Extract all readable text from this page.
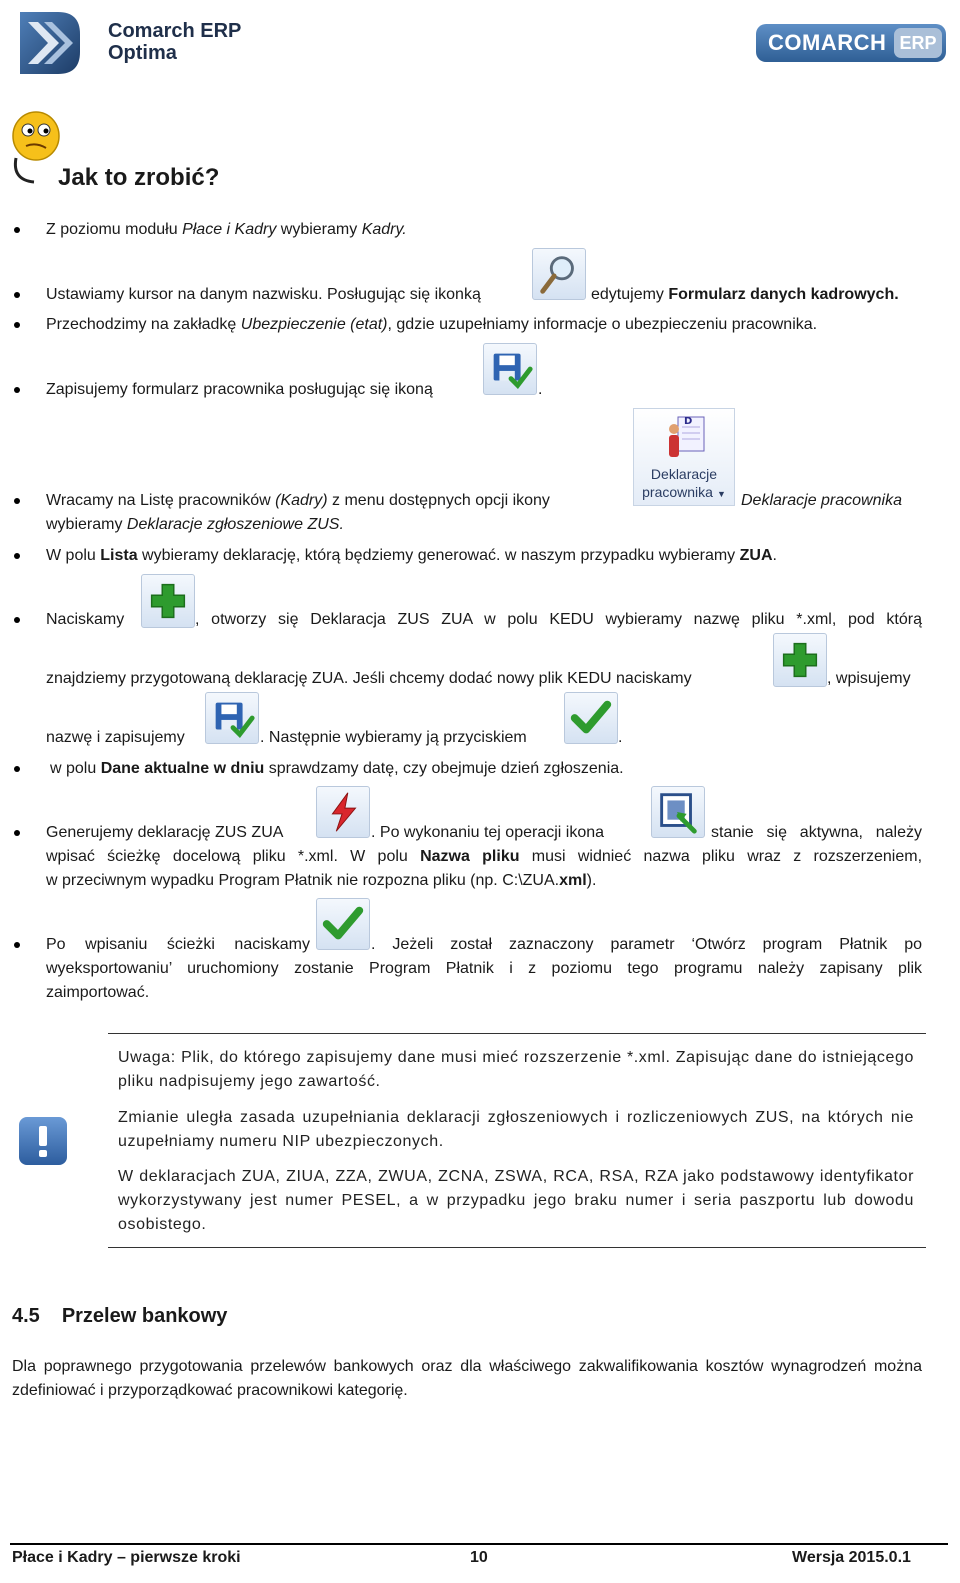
Comarch ERP
Optima	COMARCH ERP
Jak to zrobić?
Z poziomu modułu Płace i Kadry wybieramy Kadry.
Ustawiamy kursor na danym nazwisku. Posługując się ikonką	edytujemy Formularz danych kadrowych.
Przechodzimy na zakładkę Ubezpieczenie (etat), gdzie uzupełniamy informacje o ubezpieczeniu pracownika.
Zapisujemy formularz pracownika posługując się ikoną	.
Wracamy na Listę pracowników (Kadry) z menu dostępnych opcji ikony
D
Deklaracje
pracownika ▼ Deklaracje pracownika
wybieramy Deklaracje zgłoszeniowe ZUS.
W polu Lista wybieramy deklarację, którą będziemy generować. w naszym przypadku wybieramy ZUA.
Naciskamy	, otworzy się Deklaracja ZUS ZUA w polu KEDU wybieramy nazwę pliku *.xml, pod którą
znajdziemy przygotowaną deklarację ZUA. Jeśli chcemy dodać nowy plik KEDU naciskamy	, wpisujemy
nazwę i zapisujemy	. Następnie wybieramy ją przyciskiem	.
w polu Dane aktualne w dniu sprawdzamy datę, czy obejmuje dzień zgłoszenia.
Generujemy deklarację ZUS ZUA	. Po wykonaniu tej operacji ikona	stanie się aktywna, należy
wpisać ścieżkę docelową pliku *.xml. W polu Nazwa pliku musi widnieć nazwa pliku wraz z rozszerzeniem,
w przeciwnym wypadku Program Płatnik nie rozpozna pliku (np. C:\ZUA.xml).
Po wpisaniu ścieżki naciskamy	. Jeżeli został zaznaczony parametr ‘Otwórz program Płatnik po
wyeksportowaniu’ uruchomiony zostanie Program Płatnik i z poziomu tego programu należy zapisany plik
zaimportować.
Uwaga: Plik, do którego zapisujemy dane musi mieć rozszerzenie *.xml. Zapisując dane do istniejącego pliku nadpisujemy jego zawartość.
Zmianie uległa zasada uzupełniania deklaracji zgłoszeniowych i rozliczeniowych ZUS, na których nie uzupełniamy numeru NIP ubezpieczonych.
W deklaracjach ZUA, ZIUA, ZZA, ZWUA, ZCNA, ZSWA, RCA, RSA, RZA jako podstawowy identyfikator wykorzystywany jest numer PESEL, a w przypadku jego braku numer i seria paszportu lub dowodu osobistego.
4.5 Przelew bankowy
Dla poprawnego przygotowania przelewów bankowych oraz dla właściwego zakwalifikowania kosztów wynagrodzeń można zdefiniować i przyporządkować pracownikowi kategorię.
Płace i Kadry – pierwsze kroki	10	Wersja 2015.0.1
